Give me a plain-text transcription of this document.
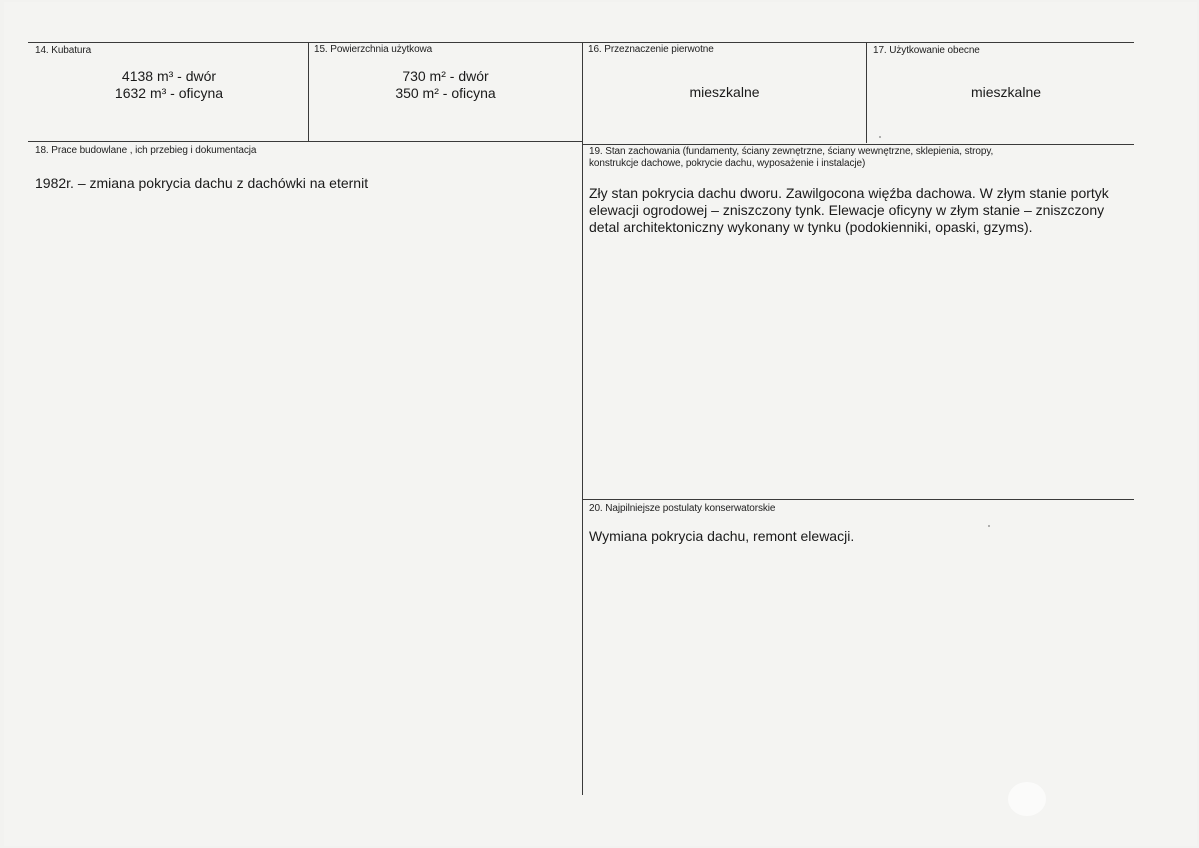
14. Kubatura
4138 m³ - dwór
1632 m³ - oficyna
15. Powierzchnia użytkowa
730 m² - dwór
350 m² - oficyna
16. Przeznaczenie pierwotne
mieszkalne
17. Użytkowanie obecne
mieszkalne
18. Prace budowlane , ich przebieg i dokumentacja
1982r. – zmiana pokrycia dachu z dachówki na eternit
19. Stan zachowania (fundamenty, ściany zewnętrzne, ściany wewnętrzne, sklepienia, stropy,
konstrukcje dachowe, pokrycie dachu, wyposażenie i instalacje)
Zły stan pokrycia dachu dworu. Zawilgocona więźba dachowa. W złym stanie portyk
elewacji ogrodowej – zniszczony tynk. Elewacje oficyny w złym stanie – zniszczony
detal architektoniczny wykonany w tynku (podokienniki, opaski, gzyms).
20. Najpilniejsze postulaty konserwatorskie
Wymiana pokrycia dachu, remont elewacji.
